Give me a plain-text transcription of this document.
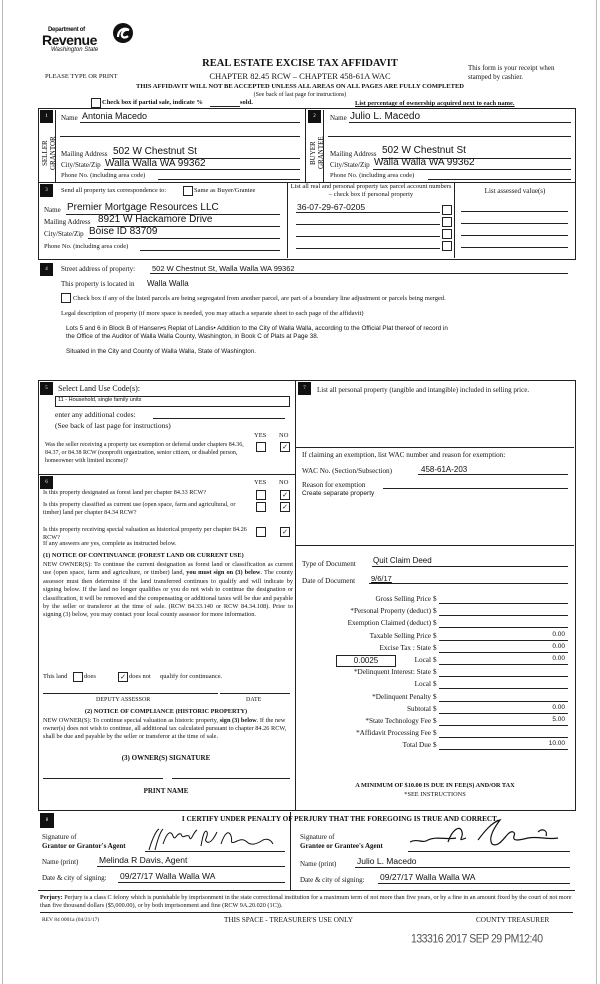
Department of
Revenue
Washington State
REAL ESTATE EXCISE TAX AFFIDAVIT
CHAPTER 82.45 RCW – CHAPTER 458-61A WAC
PLEASE TYPE OR PRINT
This form is your receipt when stamped by cashier.
THIS AFFIDAVIT WILL NOT BE ACCEPTED UNLESS ALL AREAS ON ALL PAGES ARE FULLY COMPLETED
(See back of last page for instructions)
Check box if partial sale, indicate %	sold.	List percentage of ownership acquired next to each name.
1
SELLER
GRANTOR
Name Antonia Macedo
Mailing Address 502 W Chestnut St
City/State/Zip Walla Walla WA 99362
Phone No. (including area code)
2
BUYER
GRANTEE
Name Julio L. Macedo
Mailing Address 502 W Chestnut St
City/State/Zip Walla Walla WA 99362
Phone No. (including area code)
3	Send all property tax correspondence to:	Same as Buyer/Grantee
Name Premier Mortgage Resources LLC
Mailing Address 8921 W Hackamore Drive
City/State/Zip Boise ID 83709
Phone No. (including area code)
List all real and personal property tax parcel account numbers – check box if personal property	List assessed value(s)
36-07-29-67-0205
4	Street address of property: 502 W Chestnut St, Walla Walla WA 99362
This property is located in Walla Walla
Check box if any of the listed parcels are being segregated from another parcel, are part of a boundary line adjustment or parcels being merged.
Legal description of property (if more space is needed, you may attach a separate sheet to each page of the affidavit)
Lots 5 and 6 in Block B of Hansen•s Replat of Landis• Addition to the City of Walla Walla, according to the Official Plat thereof of record in
the Office of the Auditor of Walla Walla County, Washington, in Book C of Plats at Page 38.
Situated in the City and County of Walla Walla, State of Washington.
5	Select Land Use Code(s):
11 - Household, single family units
enter any additional codes:
(See back of last page for instructions)
YES NO
Was the seller receiving a property tax exemption or deferral under chapters 84.36, 84.37, or 84.38 RCW (nonprofit organization, senior citizen, or disabled person, homeowner with limited income)?
✓
6	YES NO
Is this property designated as forest land per chapter 84.33 RCW?	✓
Is this property classified as current use (open space, farm and agricultural, or timber) land per chapter 84.34 RCW?
✓
Is this property receiving special valuation as historical property per chapter 84.26 RCW?
✓
If any answers are yes, complete as instructed below.
(1) NOTICE OF CONTINUANCE (FOREST LAND OR CURRENT USE)
NEW OWNER(S): To continue the current designation as forest land or classification as current use (open space, farm and agriculture, or timber) land, you must sign on (3) below. The county assessor must then determine if the land transferred continues to qualify and will indicate by signing below. If the land no longer qualifies or you do not wish to continue the designation or classification, it will be removed and the compensating or additional taxes will be due and payable by the seller or transferor at the time of sale. (RCW 84.33.140 or RCW 84.34.108). Prior to signing (3) below, you may contact your local county assessor for more information.
This land	does	✓ does not qualify for continuance.
DEPUTY ASSESSOR	DATE
(2) NOTICE OF COMPLIANCE (HISTORIC PROPERTY)
NEW OWNER(S): To continue special valuation as historic property, sign (3) below. If the new owner(s) does not wish to continue, all additional tax calculated pursuant to chapter 84.26 RCW, shall be due and payable by the seller or transferor at the time of sale.
(3) OWNER(S) SIGNATURE
PRINT NAME
7	List all personal property (tangible and intangible) included in selling price.
If claiming an exemption, list WAC number and reason for exemption:
WAC No. (Section/Subsection)	458-61A-203
Reason for exemption
Create separate property
Type of Document Quit Claim Deed
Date of Document 9/6/17
0.0025
Gross Selling Price $
*Personal Property (deduct) $
Exemption Claimed (deduct) $
Taxable Selling Price $	0.00
Excise Tax : State $	0.00
Local $	0.00
*Delinquent Interest: State $
Local $
*Delinquent Penalty $
Subtotal $	0.00
*State Technology Fee $	5.00
*Affidavit Processing Fee $
Total Due $	10.00
A MINIMUM OF $10.00 IS DUE IN FEE(S) AND/OR TAX
*SEE INSTRUCTIONS
8	I CERTIFY UNDER PENALTY OF PERJURY THAT THE FOREGOING IS TRUE AND CORRECT.
Signature of
Grantor or Grantor's Agent
Name (print) Melinda R Davis, Agent
Date & city of signing: 09/27/17 Walla Walla WA
Signature of
Grantee or Grantee's Agent
Name (print) Julio L. Macedo
Date & city of signing: 09/27/17 Walla Walla WA
Perjury: Perjury is a class C felony which is punishable by imprisonment in the state correctional institution for a maximum term of not more than five years, or by a fine in an amount fixed by the court of not more than five thousand dollars ($5,000.00), or by both imprisonment and fine (RCW 9A.20.020 (1C)).
REV 84 0001a (04/21/17)	THIS SPACE - TREASURER'S USE ONLY	COUNTY TREASURER
133316 2017 SEP 29 PM12:40
